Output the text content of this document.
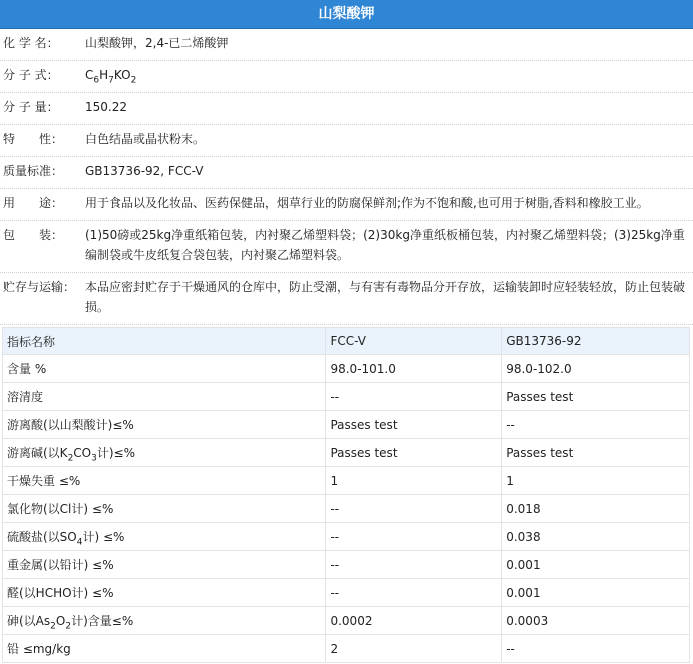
山梨酸钾
化 学 名：	山梨酸钾，2,4-已二烯酸钾
分 子 式：	$C_6H_7KO_2$
分 子 量：	150.22
特　　性：	白色结晶或晶状粉末。
质量标准：	GB13736-92, FCC-V
用　　途：	用于食品以及化妆品、医药保健品，烟草行业的防腐保鲜剂;作为不饱和酸,也可用于树脂,香料和橡胶工业。
包　　装：	(1)50磅或25kg净重纸箱包装，内衬聚乙烯塑料袋；(2)30kg净重纸板桶包装，内衬聚乙烯塑料袋；(3)25kg净重编制袋或牛皮纸复合袋包装，内衬聚乙烯塑料袋。
贮存与运输： 本品应密封贮存于干燥通风的仓库中，防止受潮，与有害有毒物品分开存放，运输装卸时应轻装轻放，防止包装破损。
指标名称	FCC-V	GB13736-92
含量 %	98.0-101.0	98.0-102.0
溶清度	--	Passes test
游离酸(以山梨酸计)≤%	Passes test	--
游离碱(以$K_2CO_3$计)≤%	Passes test	Passes test
干燥失重 ≤%	1	1
氯化物(以Cl计) ≤%	--	0.018
硫酸盐(以$SO_4$计) ≤%	--	0.038
重金属(以铅计) ≤%	--	0.001
醛(以HCHO计) ≤%	--	0.001
砷(以$As_2O_2$计)含量≤%	0.0002	0.0003
铅 ≤mg/kg	2	--
